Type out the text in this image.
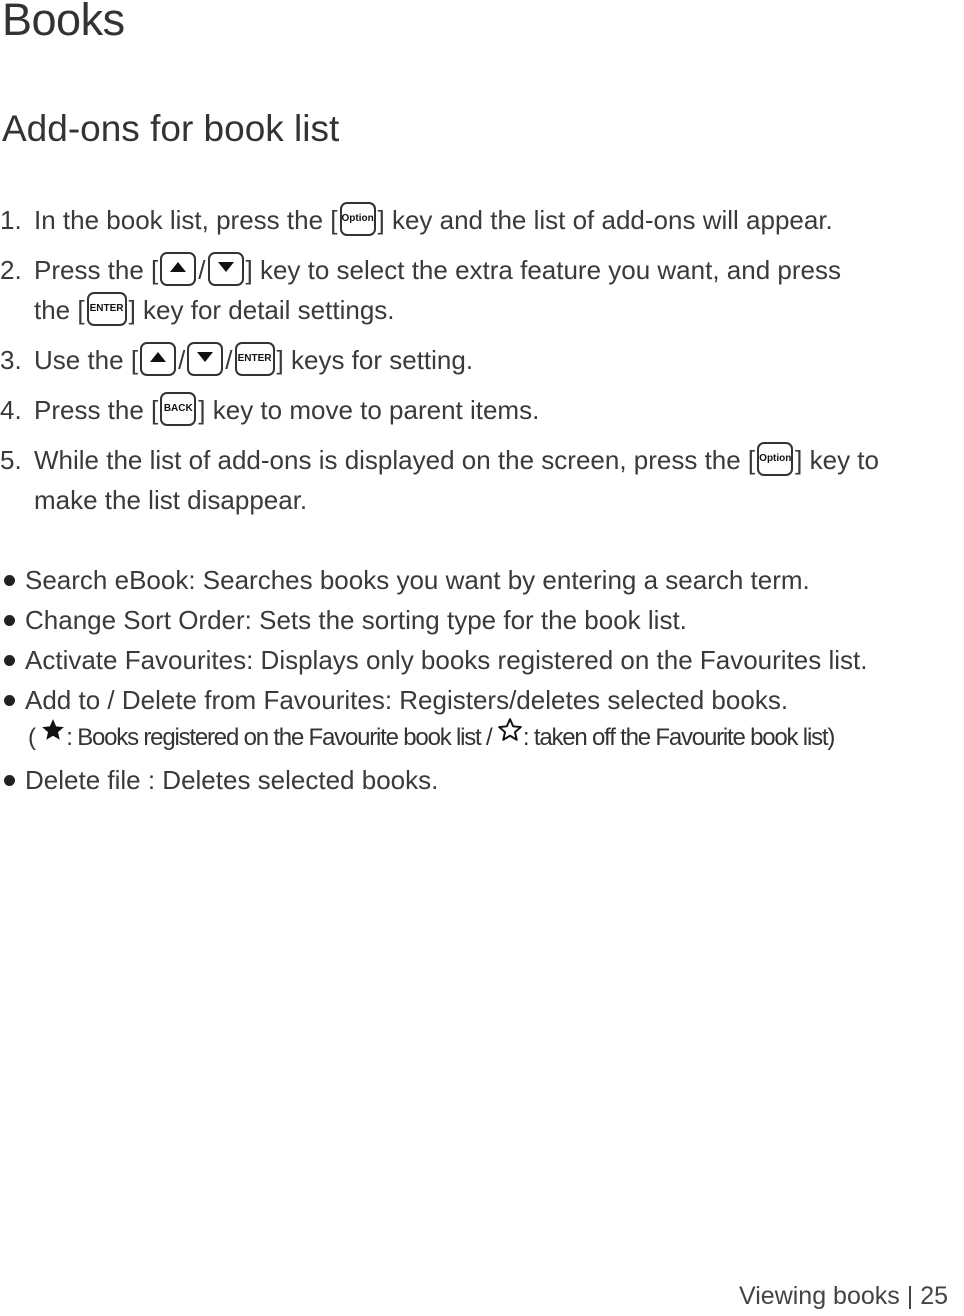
Books
Add-ons for book list
1. In the book list, press the [ Option ] key and the list of add-ons will appear.
2. Press the [ / ] key to select the extra feature you want, and press
the [ ENTER ] key for detail settings.
3. Use the [ / / ENTER ] keys for setting.
4. Press the [ BACK ] key to move to parent items.
5. While the list of add-ons is displayed on the screen, press the [ Option ] key to
make the list disappear.
Search eBook: Searches books you want by entering a search term.
Change Sort Order: Sets the sorting type for the book list.
Activate Favourites: Displays only books registered on the Favourites list.
Add to / Delete from Favourites: Registers/deletes selected books.
Delete file : Deletes selected books.
( : Books registered on the Favourite book list / : taken off the Favourite book list)
Viewing books | 25
